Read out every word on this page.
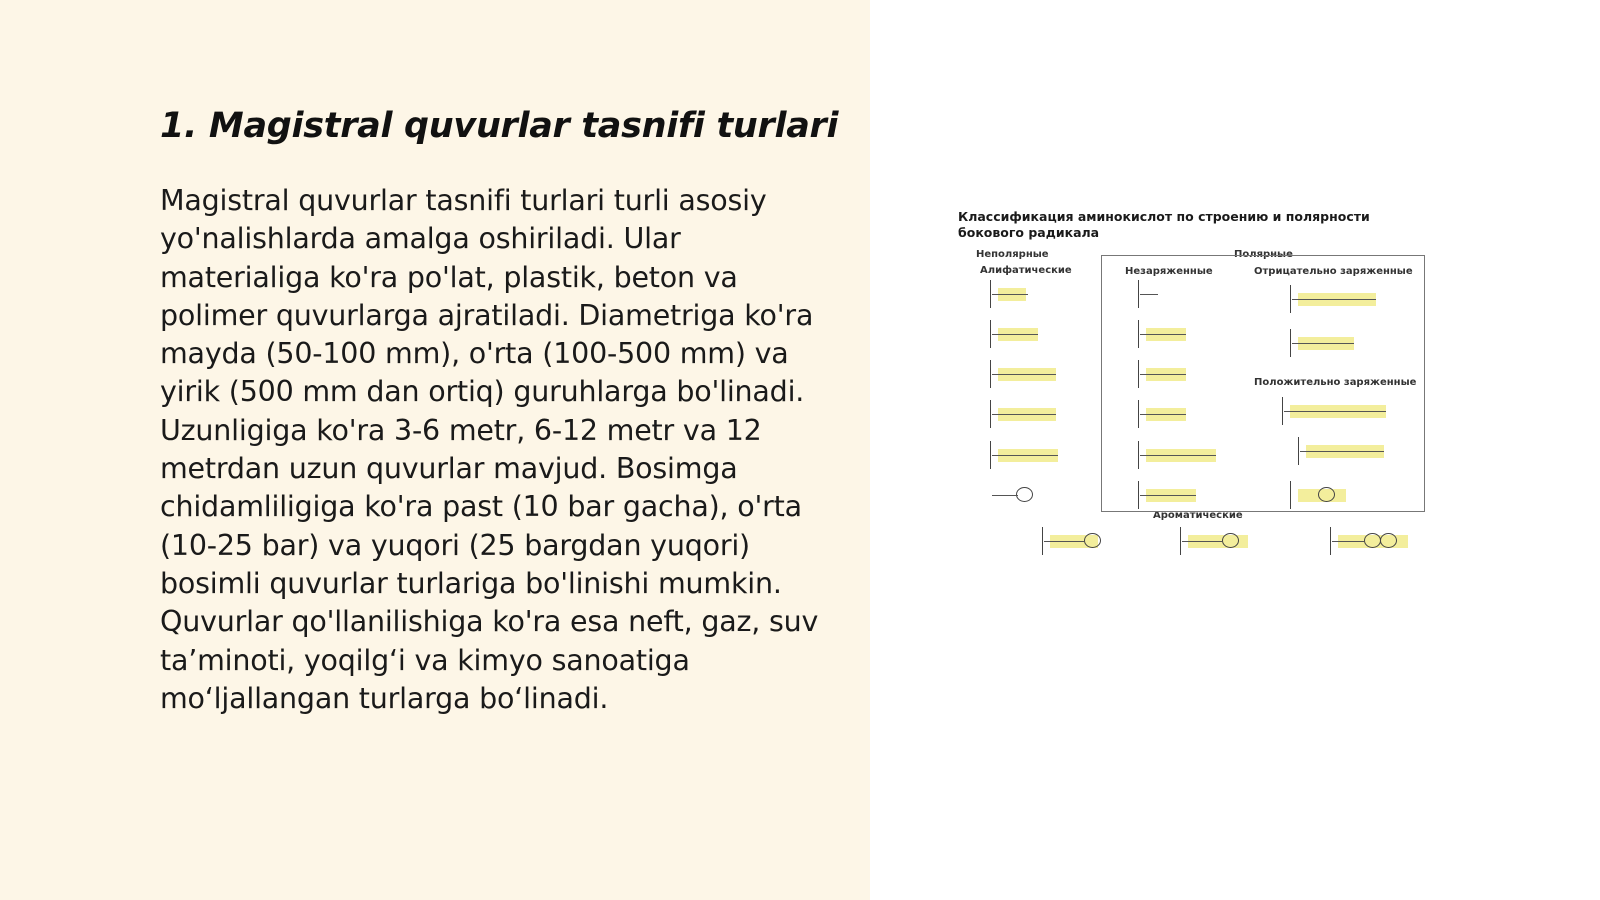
1. Magistral quvurlar tasnifi turlari

Magistral quvurlar tasnifi turlari turli asosiy yo'nalishlarda amalga oshiriladi. Ular materialiga ko'ra po'lat, plastik, beton va polimer quvurlarga ajratiladi. Diametriga ko'ra mayda (50-100 mm), o'rta (100-500 mm) va yirik (500 mm dan ortiq) guruhlarga bo'linadi. Uzunligiga ko'ra 3-6 metr, 6-12 metr va 12 metrdan uzun quvurlar mavjud. Bosimga chidamliligiga ko'ra past (10 bar gacha), o'rta (10-25 bar) va yuqori (25 bargdan yuqori) bosimli quvurlar turlariga bo'linishi mumkin. Quvurlar qo'llanilishiga ko'ra esa neft, gaz, suv ta’minoti, yoqilg‘i va kimyo sanoatiga mo‘ljallangan turlarga bo‘linadi.

Классификация аминокислот по строению и полярности
бокового радикала
Неполярные
Алифатические
Полярные
Незаряженные	Отрицательно заряженные
Положительно заряженные
Ароматические
